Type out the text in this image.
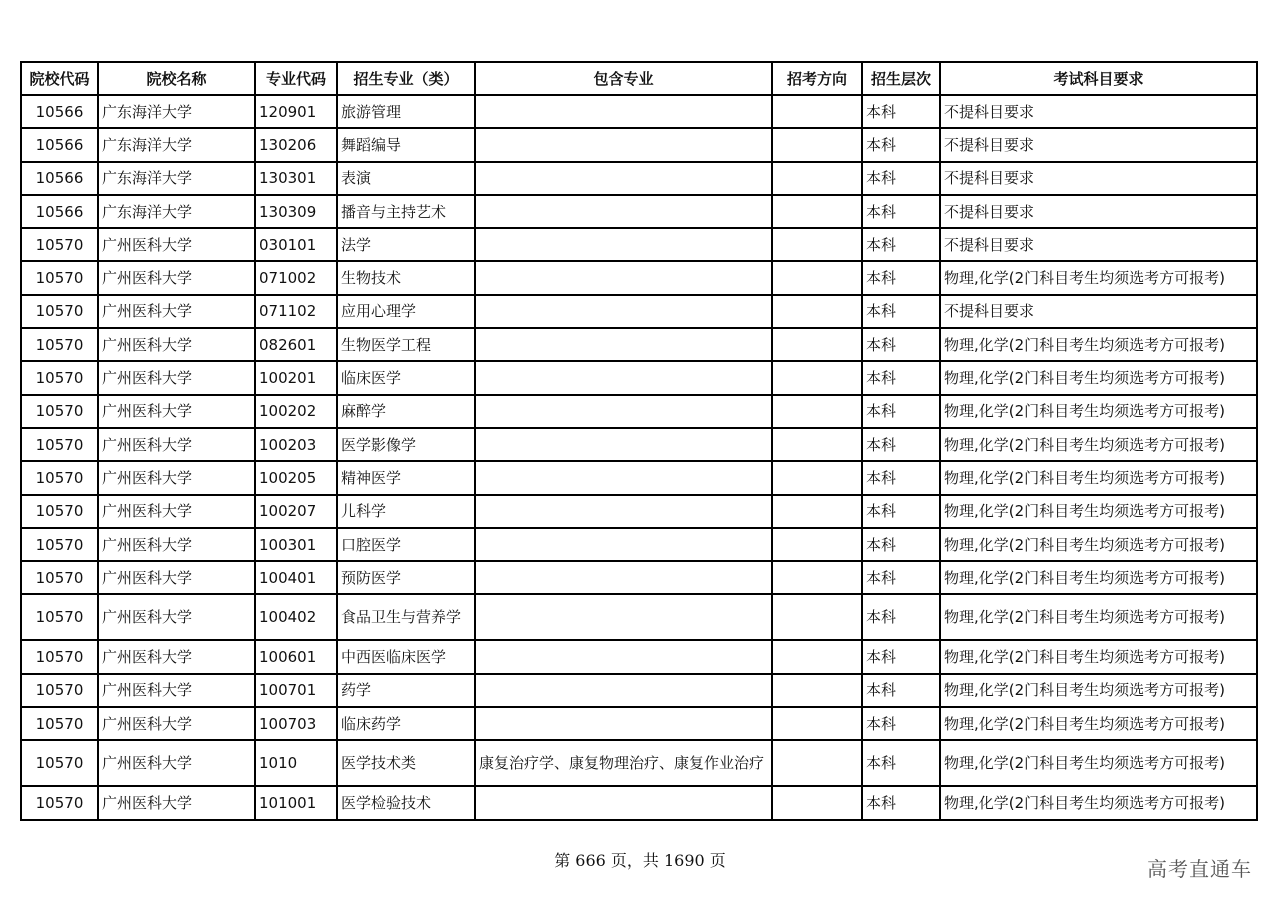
院校代码	院校名称	专业代码	招生专业（类）	包含专业	招考方向	招生层次	考试科目要求
10566	广东海洋大学	120901	旅游管理			本科	不提科目要求
10566	广东海洋大学	130206	舞蹈编导			本科	不提科目要求
10566	广东海洋大学	130301	表演			本科	不提科目要求
10566	广东海洋大学	130309	播音与主持艺术			本科	不提科目要求
10570	广州医科大学	030101	法学			本科	不提科目要求
10570	广州医科大学	071002	生物技术			本科	物理,化学(2门科目考生均须选考方可报考)
10570	广州医科大学	071102	应用心理学			本科	不提科目要求
10570	广州医科大学	082601	生物医学工程			本科	物理,化学(2门科目考生均须选考方可报考)
10570	广州医科大学	100201	临床医学			本科	物理,化学(2门科目考生均须选考方可报考)
10570	广州医科大学	100202	麻醉学			本科	物理,化学(2门科目考生均须选考方可报考)
10570	广州医科大学	100203	医学影像学			本科	物理,化学(2门科目考生均须选考方可报考)
10570	广州医科大学	100205	精神医学			本科	物理,化学(2门科目考生均须选考方可报考)
10570	广州医科大学	100207	儿科学			本科	物理,化学(2门科目考生均须选考方可报考)
10570	广州医科大学	100301	口腔医学			本科	物理,化学(2门科目考生均须选考方可报考)
10570	广州医科大学	100401	预防医学			本科	物理,化学(2门科目考生均须选考方可报考)
10570	广州医科大学	100402	食品卫生与营养学			本科	物理,化学(2门科目考生均须选考方可报考)
10570	广州医科大学	100601	中西医临床医学			本科	物理,化学(2门科目考生均须选考方可报考)
10570	广州医科大学	100701	药学			本科	物理,化学(2门科目考生均须选考方可报考)
10570	广州医科大学	100703	临床药学			本科	物理,化学(2门科目考生均须选考方可报考)
10570	广州医科大学	1010	医学技术类	康复治疗学、康复物理治疗、康复作业治疗		本科	物理,化学(2门科目考生均须选考方可报考)
10570	广州医科大学	101001	医学检验技术			本科	物理,化学(2门科目考生均须选考方可报考)
第 666 页，共 1690 页	高考直通车
